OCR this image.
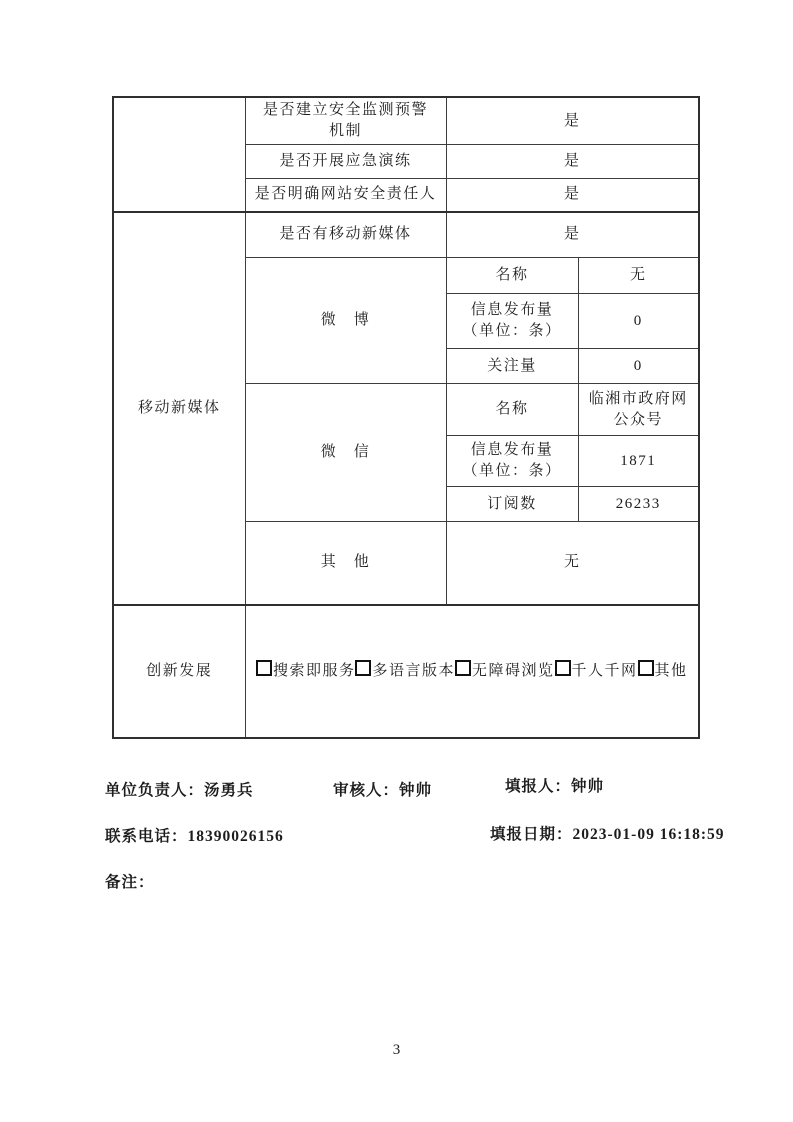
	是否建立安全监测预警
机制	是	
	是否开展应急演练	是	
	是否明确网站安全责任人	是	
移动新媒体	是否有移动新媒体	是	
	微　博	名称	无

		信息发布量
（单位：条）	0
		关注量	0
	微　信	名称	临湘市政府网
公众号

		信息发布量
（单位：条）	1871
		订阅数	26233
	其　他	无	
创新发展	搜索即服务 多语言版本 无障碍浏览 千人千网 其他		
单位负责人：汤勇兵	审核人：钟帅	填报人：钟帅
联系电话：18390026156	填报日期：2023-01-09 16:18:59
备注：
3
